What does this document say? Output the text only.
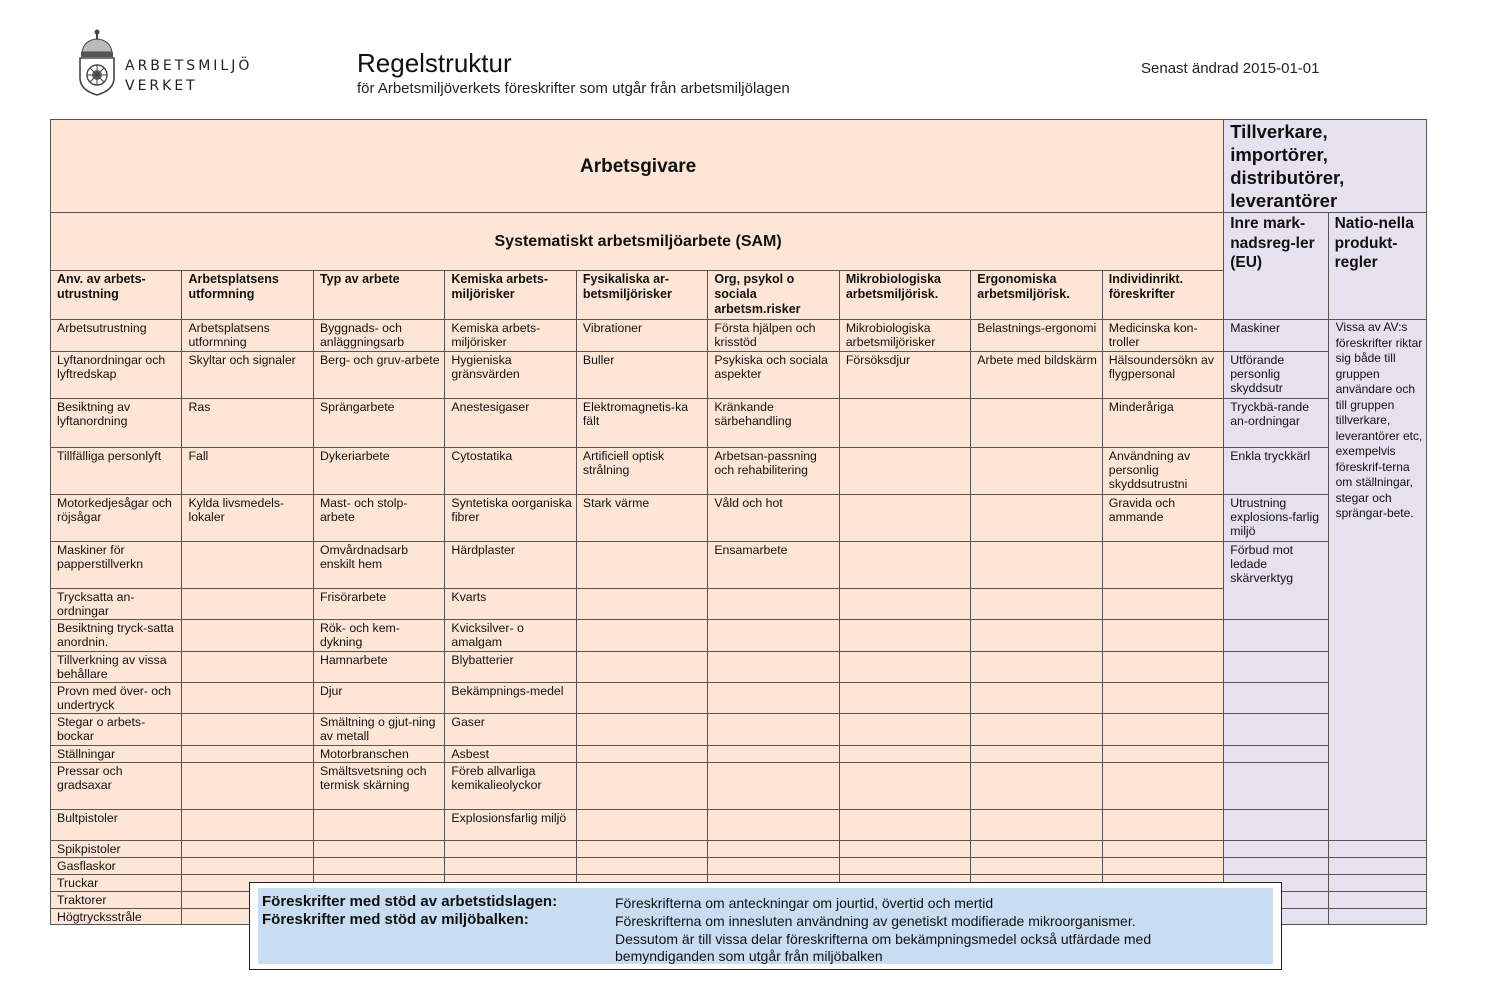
ARBETSMILJÖ
VERKET
Regelstruktur
för Arbetsmiljöverkets föreskrifter som utgår från arbetsmiljölagen
Senast ändrad 2015-01-01
Arbetsgivare									Tillverkare, importörer, distributörer, leverantörer	
Systematiskt arbetsmiljöarbete (SAM)									Inre mark-nadsreg-ler (EU)	Natio-nella produkt-regler
Anv. av arbets-utrustning	Arbetsplatsens utformning	Typ av arbete	Kemiska arbets-miljörisker	Fysikaliska ar-betsmiljörisker	Org, psykol o sociala arbetsm.risker	Mikrobiologiska arbetsmiljörisk.	Ergonomiska arbetsmiljörisk.	Individinrikt. föreskrifter		
Arbetsutrustning	Arbetsplatsens utformning	Byggnads- och anläggningsarb	Kemiska arbets-miljörisker	Vibrationer	Första hjälpen och krisstöd	Mikrobiologiska arbetsmiljörisker	Belastnings-ergonomi	Medicinska kon-troller	Maskiner	Vissa av AV:s föreskrifter riktar sig både till gruppen användare och till gruppen tillverkare, leverantörer etc, exempelvis föreskrif-terna om ställningar, stegar och sprängar-bete.
Lyftanordningar och lyftredskap	Skyltar och signaler	Berg- och gruv-arbete	Hygieniska gränsvärden	Buller	Psykiska och sociala aspekter	Försöksdjur	Arbete med bildskärm	Hälsoundersökn av flygpersonal	Utförande personlig skyddsutr	
Besiktning av lyftanordning	Ras	Sprängarbete	Anestesigaser	Elektromagnetis-ka fält	Kränkande särbehandling			Minderåriga	Tryckbä-rande an-ordningar	
Tillfälliga personlyft	Fall	Dykeriarbete	Cytostatika	Artificiell optisk strålning	Arbetsan-passning och rehabilitering			Användning av personlig skyddsutrustni	Enkla tryckkärl	
Motorkedjesågar och röjsågar	Kylda livsmedels-lokaler	Mast- och stolp-arbete	Syntetiska oorganiska fibrer	Stark värme	Våld och hot			Gravida och ammande	Utrustning explosions-farlig miljö	
Maskiner för papperstillverkn		Omvårdnadsarb enskilt hem	Härdplaster		Ensamarbete				Förbud mot ledade skärverktyg	
Trycksatta an-ordningar		Frisörarbete	Kvarts							
Besiktning tryck-satta anordnin.		Rök- och kem-dykning	Kvicksilver- o amalgam							
Tillverkning av vissa behållare		Hamnarbete	Blybatterier							
Provn med över- och undertryck		Djur	Bekämpnings-medel							
Stegar o arbets-bockar		Smältning o gjut-ning av metall	Gaser							
Ställningar		Motorbranschen	Asbest							
Pressar och gradsaxar		Smältsvetsning och termisk skärning	Föreb allvarliga kemikalieolyckor							
Bultpistoler			Explosionsfarlig miljö							
Spikpistoler										
Gasflaskor										
Truckar										
Traktorer										
Högtrycksstråle										
Föreskrifter med stöd av arbetstidslagen:	Föreskrifterna om anteckningar om jourtid, övertid och mertid
Föreskrifter med stöd av miljöbalken:	Föreskrifterna om innesluten användning av genetiskt modifierade mikroorganismer.
Dessutom är till vissa delar föreskrifterna om bekämpningsmedel också utfärdade med
bemyndiganden som utgår från miljöbalken
